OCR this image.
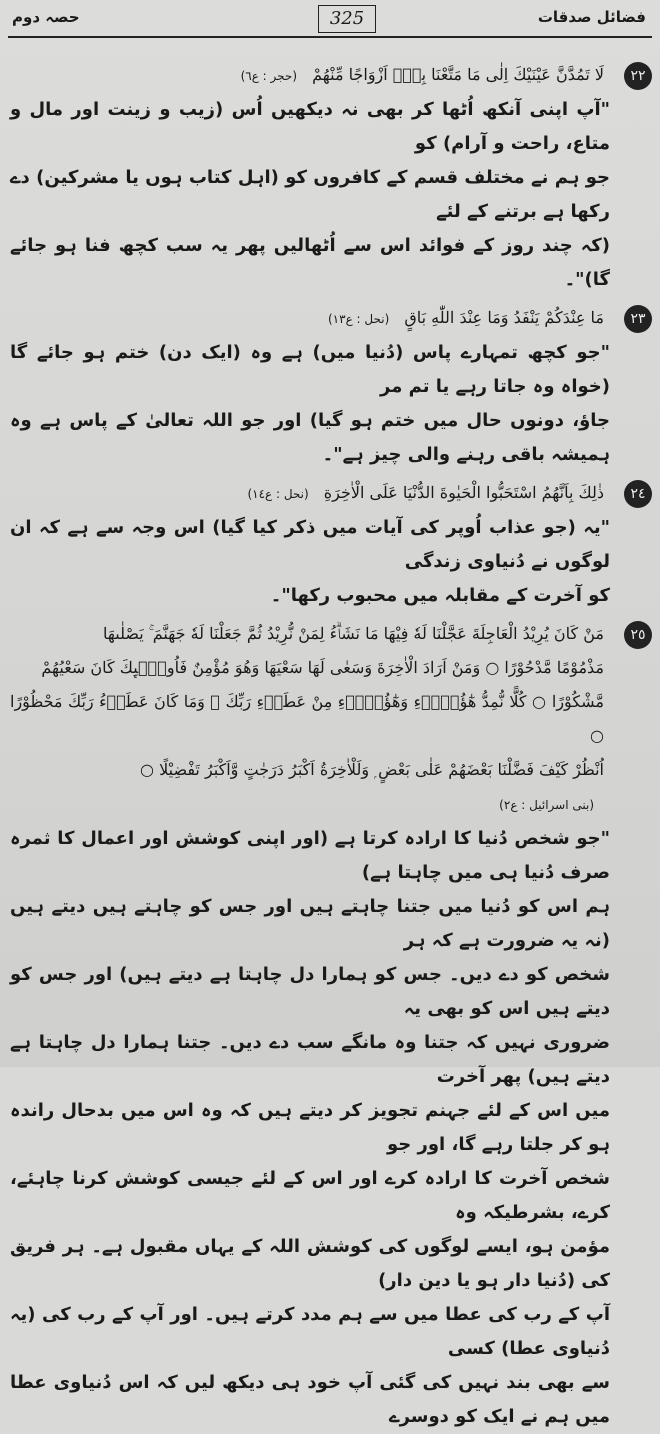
حصہ دوم	325	فضائل صدقات
٢٢
لَا تَمُدَّنَّ عَيْنَيْكَ اِلٰى مَا مَتَّعْنَا بِهٖٓ اَزْوَاجًا مِّنْهُمْ (حجر : ع٦)
"آپ اپنی آنکھ اُٹھا کر بھی نہ دیکھیں اُس (زیب و زینت اور مال و متاع، راحت و آرام) کو
جو ہم نے مختلف قسم کے کافروں کو (اہل کتاب ہوں یا مشرکین) دے رکھا ہے برتنے کے لئے
(کہ چند روز کے فوائد اس سے اُٹھالیں پھر یہ سب کچھ فنا ہو جائے گا)"۔
٢٣
مَا عِنْدَكُمْ يَنْفَدُ وَمَا عِنْدَ اللّٰهِ بَاقٍ (نحل : ع١٣)
"جو کچھ تمہارے پاس (دُنیا میں) ہے وہ (ایک دن) ختم ہو جائے گا (خواہ وہ جاتا رہے یا تم مر
جاؤ، دونوں حال میں ختم ہو گیا) اور جو اللہ تعالیٰ کے پاس ہے وہ ہمیشہ باقی رہنے والی چیز ہے"۔
٢٤
ذٰلِكَ بِاَنَّهُمُ اسْتَحَبُّوا الْحَيٰوةَ الدُّنْيَا عَلَى الْاٰخِرَةِ (نحل : ع١٤)
"یہ (جو عذاب اُوپر کی آیات میں ذکر کیا گیا) اس وجہ سے ہے کہ ان لوگوں نے دُنیاوی زندگی
کو آخرت کے مقابلہ میں محبوب رکھا"۔
٢٥
مَنْ كَانَ يُرِيْدُ الْعَاجِلَةَ عَجَّلْنَا لَهٗ فِيْهَا مَا نَشَاۗءُ لِمَنْ نُّرِيْدُ ثُمَّ جَعَلْنَا لَهٗ جَهَنَّمَ ۚ يَصْلٰىهَا
مَذْمُوْمًا مَّدْحُوْرًا ○ وَمَنْ اَرَادَ الْاٰخِرَةَ وَسَعٰى لَهَا سَعْيَهَا وَهُوَ مُؤْمِنٌ فَاُولٰۗىِٕكَ كَانَ سَعْيُهُمْ
مَّشْكُوْرًا ○ كُلًّا نُّمِدُّ هٰٓؤُلَاۗءِ وَهٰٓؤُلَاۗءِ مِنْ عَطَاۗءِ رَبِّكَ ۭ وَمَا كَانَ عَطَاۗءُ رَبِّكَ مَحْظُوْرًا ○
اُنْظُرْ كَيْفَ فَضَّلْنَا بَعْضَهُمْ عَلٰى بَعْضٍ ۭ وَلَلْاٰخِرَةُ اَكْبَرُ دَرَجٰتٍ وَّاَكْبَرُ تَفْضِيْلًا ○
(بنی اسرائیل : ع٢)
"جو شخص دُنیا کا ارادہ کرتا ہے (اور اپنی کوشش اور اعمال کا ثمرہ صرف دُنیا ہی میں چاہتا ہے)
ہم اس کو دُنیا میں جتنا چاہتے ہیں اور جس کو چاہتے ہیں دیتے ہیں (نہ یہ ضرورت ہے کہ ہر
شخص کو دے دیں۔ جس کو ہمارا دل چاہتا ہے دیتے ہیں) اور جس کو دیتے ہیں اس کو بھی یہ
ضروری نہیں کہ جتنا وہ مانگے سب دے دیں۔ جتنا ہمارا دل چاہتا ہے دیتے ہیں) پھر آخرت
میں اس کے لئے جہنم تجویز کر دیتے ہیں کہ وہ اس میں بدحال راندہ ہو کر جلتا رہے گا، اور جو
شخص آخرت کا ارادہ کرے اور اس کے لئے جیسی کوشش کرنا چاہئے، کرے، بشرطیکہ وہ
مؤمن ہو، ایسے لوگوں کی کوشش اللہ کے یہاں مقبول ہے۔ ہر فریق کی (دُنیا دار ہو یا دین دار)
آپ کے رب کی عطا میں سے ہم مدد کرتے ہیں۔ اور آپ کے رب کی (یہ دُنیاوی عطا) کسی
سے بھی بند نہیں کی گئی آپ خود ہی دیکھ لیں کہ اس دُنیاوی عطا میں ہم نے ایک کو دوسرے
